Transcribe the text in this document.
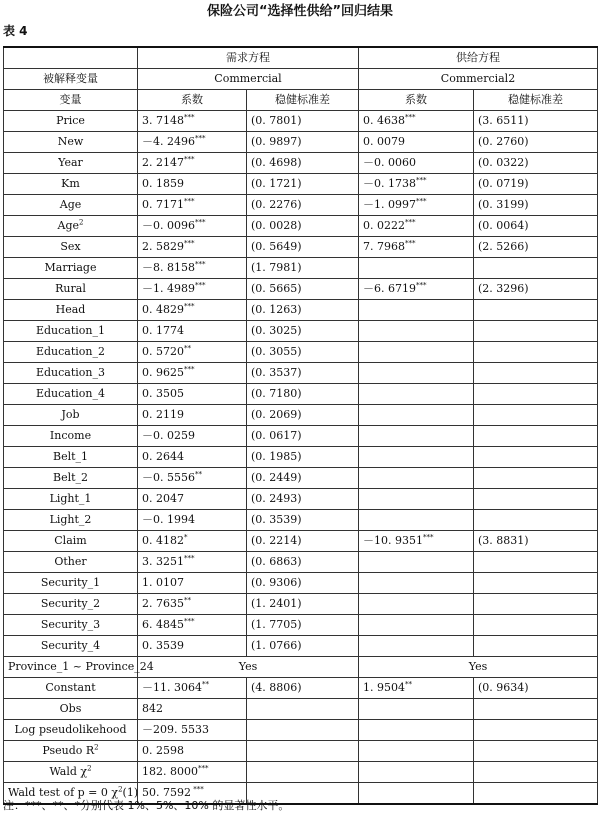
保险公司“选择性供给”回归结果
表 4
	需求方程		供给方程	
被解释变量	Commercial		Commercial2	
变量	系数	稳健标准差	系数	稳健标准差
Price	3. 7148***	(0. 7801)	0. 4638***	(3. 6511)
New	－4. 2496***	(0. 9897)	0. 0079	(0. 2760)
Year	2. 2147***	(0. 4698)	－0. 0060	(0. 0322)
Km	0. 1859	(0. 1721)	－0. 1738***	(0. 0719)
Age	0. 7171***	(0. 2276)	－1. 0997***	(0. 3199)
Age$^2$	－0. 0096***	(0. 0028)	0. 0222***	(0. 0064)
Sex	2. 5829***	(0. 5649)	7. 7968***	(2. 5266)
Marriage	－8. 8158***	(1. 7981)		
Rural	－1. 4989***	(0. 5665)	－6. 6719***	(2. 3296)
Head	0. 4829***	(0. 1263)		
Education_1	0. 1774	(0. 3025)		
Education_2	0. 5720**	(0. 3055)		
Education_3	0. 9625***	(0. 3537)		
Education_4	0. 3505	(0. 7180)		
Job	0. 2119	(0. 2069)		
Income	－0. 0259	(0. 0617)		
Belt_1	0. 2644	(0. 1985)		
Belt_2	－0. 5556**	(0. 2449)		
Light_1	0. 2047	(0. 2493)		
Light_2	－0. 1994	(0. 3539)		
Claim	0. 4182*	(0. 2214)	－10. 9351***	(3. 8831)
Other	3. 3251***	(0. 6863)		
Security_1	1. 0107	(0. 9306)		
Security_2	2. 7635**	(1. 2401)		
Security_3	6. 4845***	(1. 7705)		
Security_4	0. 3539	(1. 0766)		
Province_1 ~ Province_24	Yes		Yes	
Constant	－11. 3064**	(4. 8806)	1. 9504**	(0. 9634)
Obs	842			
Log pseudolikehood	－209. 5533			
Pseudo $R^2$	0. 2598			
Wald $\chi^2$	182. 8000***			
Wald test of p = 0 $\chi^2(1)$	50. 7592 ***			
注：***、**、*分别代表 1%、5%、10% 的显著性水平。
